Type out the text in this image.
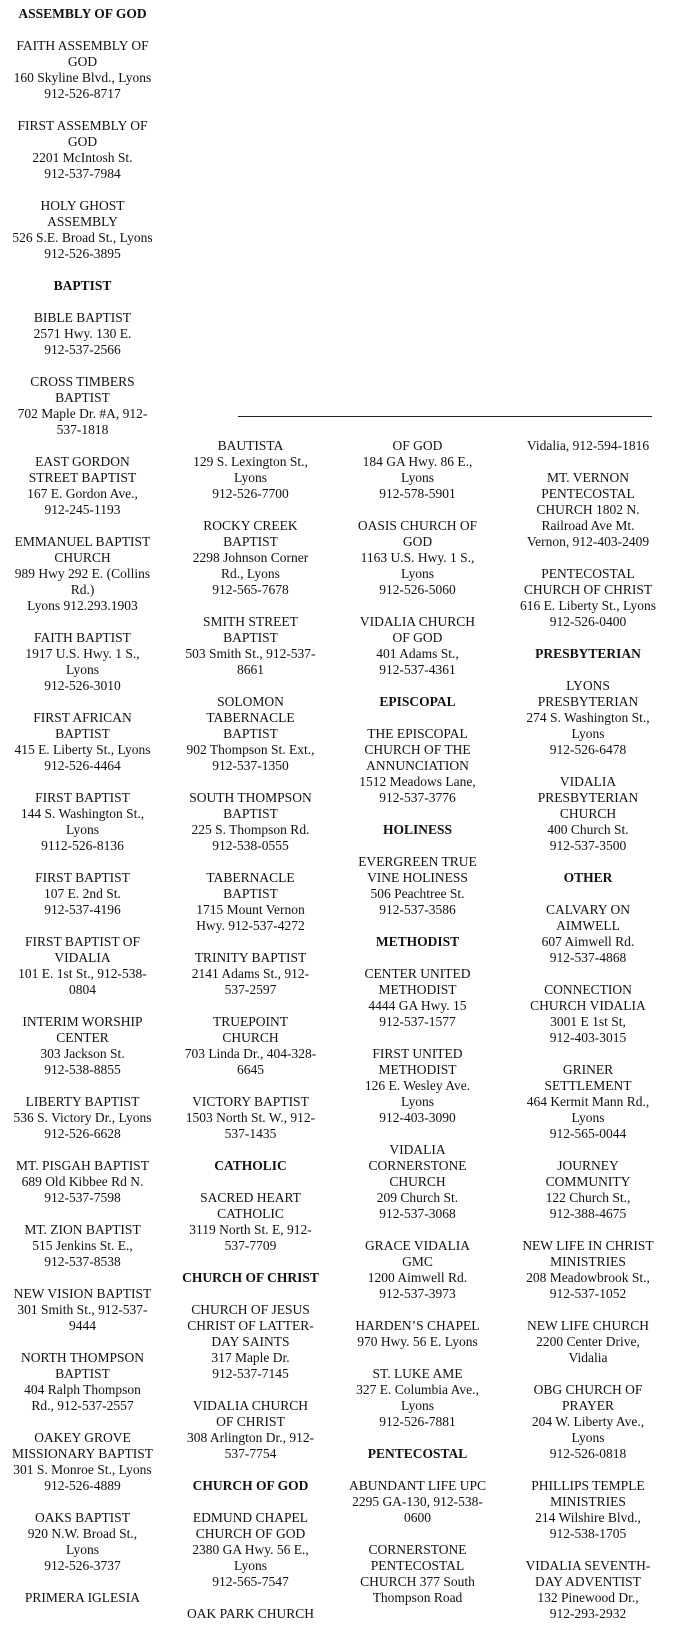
ASSEMBLY OF GOD
FAITH ASSEMBLY OF
GOD
160 Skyline Blvd., Lyons
912-526-8717
FIRST ASSEMBLY OF
GOD
2201 McIntosh St.
912-537-7984
HOLY GHOST
ASSEMBLY
526 S.E. Broad St., Lyons
912-526-3895
BAPTIST
BIBLE BAPTIST
2571 Hwy. 130 E.
912-537-2566
CROSS TIMBERS
BAPTIST
702 Maple Dr. #A, 912-
537-1818
EAST GORDON
STREET BAPTIST
167 E. Gordon Ave.,
912-245-1193
EMMANUEL BAPTIST
CHURCH
989 Hwy 292 E. (Collins
Rd.)
Lyons 912.293.1903
FAITH BAPTIST
1917 U.S. Hwy. 1 S.,
Lyons
912-526-3010
FIRST AFRICAN
BAPTIST
415 E. Liberty St., Lyons
912-526-4464
FIRST BAPTIST
144 S. Washington St.,
Lyons
9112-526-8136
FIRST BAPTIST
107 E. 2nd St.
912-537-4196
FIRST BAPTIST OF
VIDALIA
101 E. 1st St., 912-538-
0804
INTERIM WORSHIP
CENTER
303 Jackson St.
912-538-8855
LIBERTY BAPTIST
536 S. Victory Dr., Lyons
912-526-6628
MT. PISGAH BAPTIST
689 Old Kibbee Rd N.
912-537-7598
MT. ZION BAPTIST
515 Jenkins St. E.,
912-537-8538
NEW VISION BAPTIST
301 Smith St., 912-537-
9444
NORTH THOMPSON
BAPTIST
404 Ralph Thompson
Rd., 912-537-2557
OAKEY GROVE
MISSIONARY BAPTIST
301 S. Monroe St., Lyons
912-526-4889
OAKS BAPTIST
920 N.W. Broad St.,
Lyons
912-526-3737
PRIMERA IGLESIA
BAUTISTA
129 S. Lexington St.,
Lyons
912-526-7700
ROCKY CREEK
BAPTIST
2298 Johnson Corner
Rd., Lyons
912-565-7678
SMITH STREET
BAPTIST
503 Smith St., 912-537-
8661
SOLOMON
TABERNACLE
BAPTIST
902 Thompson St. Ext.,
912-537-1350
SOUTH THOMPSON
BAPTIST
225 S. Thompson Rd.
912-538-0555
TABERNACLE
BAPTIST
1715 Mount Vernon
Hwy. 912-537-4272
TRINITY BAPTIST
2141 Adams St., 912-
537-2597
TRUEPOINT
CHURCH
703 Linda Dr., 404-328-
6645
VICTORY BAPTIST
1503 North St. W., 912-
537-1435
CATHOLIC
SACRED HEART
CATHOLIC
3119 North St. E, 912-
537-7709
CHURCH OF CHRIST
CHURCH OF JESUS
CHRIST OF LATTER-
DAY SAINTS
317 Maple Dr.
912-537-7145
VIDALIA CHURCH
OF CHRIST
308 Arlington Dr., 912-
537-7754
CHURCH OF GOD
EDMUND CHAPEL
CHURCH OF GOD
2380 GA Hwy. 56 E.,
Lyons
912-565-7547
OAK PARK CHURCH
OF GOD
184 GA Hwy. 86 E.,
Lyons
912-578-5901
OASIS CHURCH OF
GOD
1163 U.S. Hwy. 1 S.,
Lyons
912-526-5060
VIDALIA CHURCH
OF GOD
401 Adams St.,
912-537-4361
EPISCOPAL
THE EPISCOPAL
CHURCH OF THE
ANNUNCIATION
1512 Meadows Lane,
912-537-3776
HOLINESS
EVERGREEN TRUE
VINE HOLINESS
506 Peachtree St.
912-537-3586
METHODIST
CENTER UNITED
METHODIST
4444 GA Hwy. 15
912-537-1577
FIRST UNITED
METHODIST
126 E. Wesley Ave.
Lyons
912-403-3090
VIDALIA
CORNERSTONE
CHURCH
209 Church St.
912-537-3068
GRACE VIDALIA
GMC
1200 Aimwell Rd.
912-537-3973
HARDEN’S CHAPEL
970 Hwy. 56 E. Lyons
ST. LUKE AME
327 E. Columbia Ave.,
Lyons
912-526-7881
PENTECOSTAL
ABUNDANT LIFE UPC
2295 GA-130, 912-538-
0600
CORNERSTONE
PENTECOSTAL
CHURCH 377 South
Thompson Road
Vidalia, 912-594-1816
MT. VERNON
PENTECOSTAL
CHURCH 1802 N.
Railroad Ave Mt.
Vernon, 912-403-2409
PENTECOSTAL
CHURCH OF CHRIST
616 E. Liberty St., Lyons
912-526-0400
PRESBYTERIAN
LYONS
PRESBYTERIAN
274 S. Washington St.,
Lyons
912-526-6478
VIDALIA
PRESBYTERIAN
CHURCH
400 Church St.
912-537-3500
OTHER
CALVARY ON
AIMWELL
607 Aimwell Rd.
912-537-4868
CONNECTION
CHURCH VIDALIA
3001 E 1st St,
912-403-3015
GRINER
SETTLEMENT
464 Kermit Mann Rd.,
Lyons
912-565-0044
JOURNEY
COMMUNITY
122 Church St.,
912-388-4675
NEW LIFE IN CHRIST
MINISTRIES
208 Meadowbrook St.,
912-537-1052
NEW LIFE CHURCH
2200 Center Drive,
Vidalia
OBG CHURCH OF
PRAYER
204 W. Liberty Ave.,
Lyons
912-526-0818
PHILLIPS TEMPLE
MINISTRIES
214 Wilshire Blvd.,
912-538-1705
VIDALIA SEVENTH-
DAY ADVENTIST
132 Pinewood Dr.,
912-293-2932
